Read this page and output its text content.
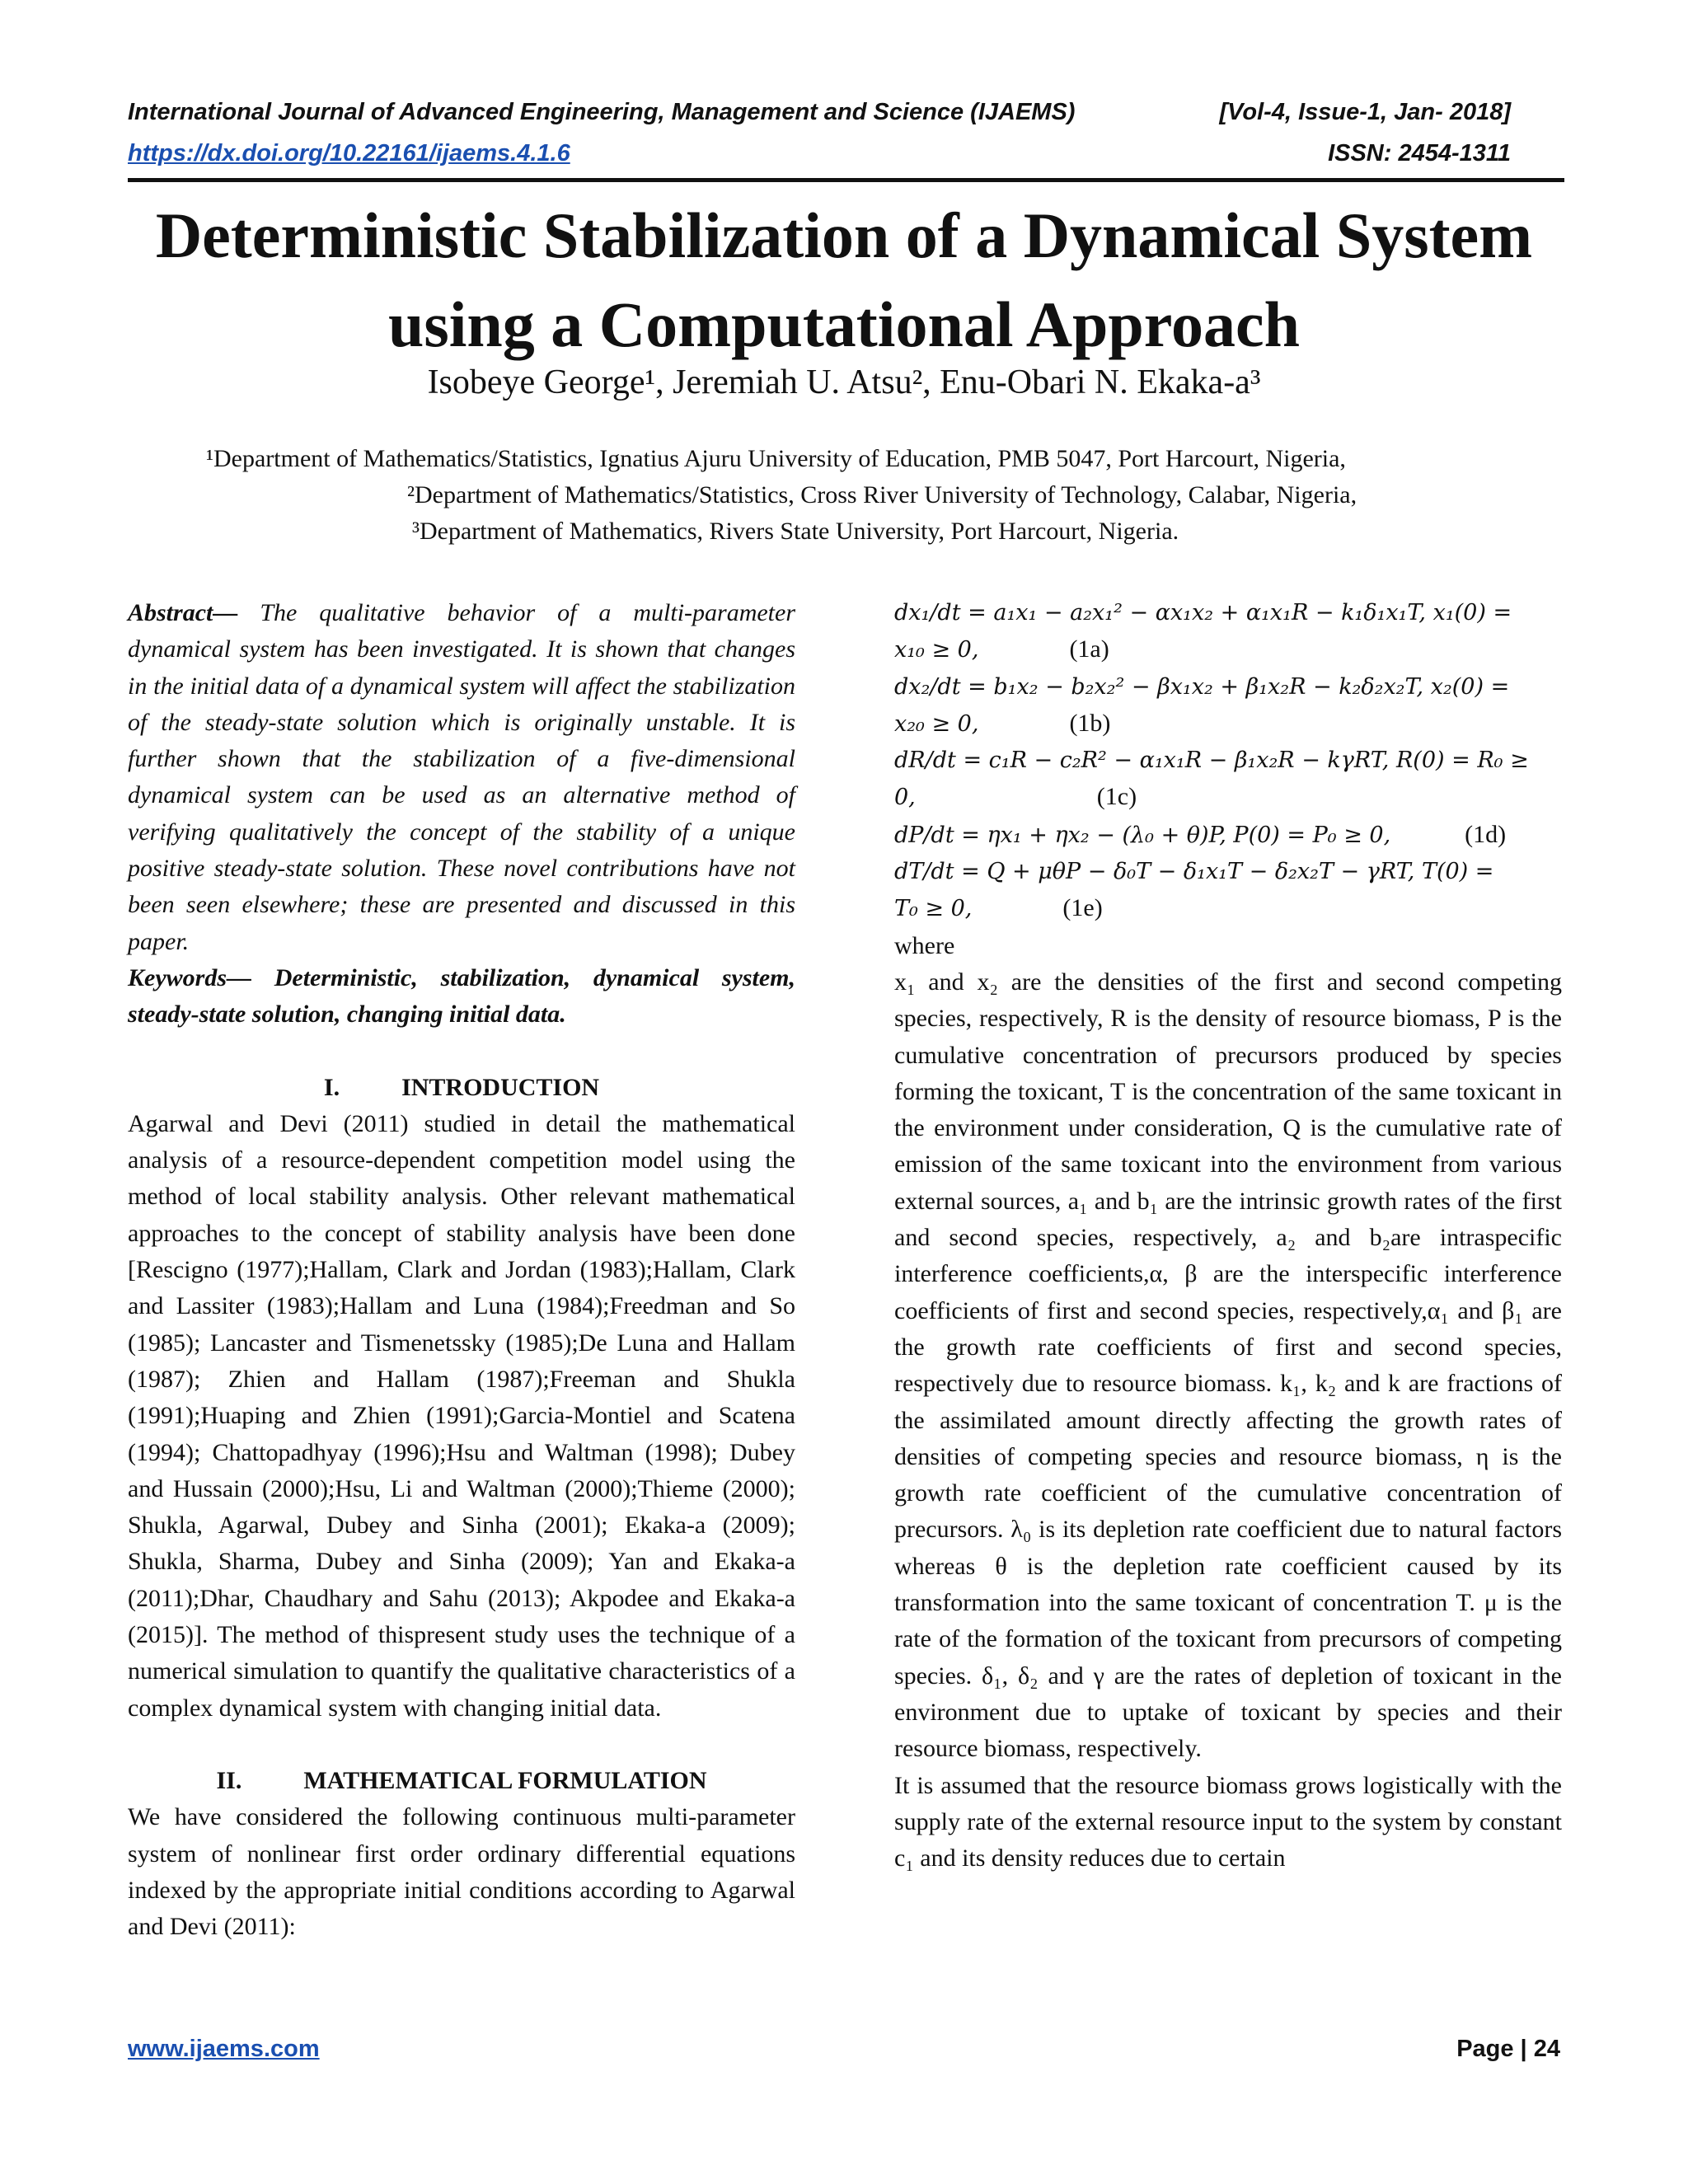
International Journal of Advanced Engineering, Management and Science (IJAEMS)	[Vol-4, Issue-1, Jan- 2018]
https://dx.doi.org/10.22161/ijaems.4.1.6	ISSN: 2454-1311
Deterministic Stabilization of a Dynamical System
using a Computational Approach
Isobeye George¹, Jeremiah U. Atsu², Enu-Obari N. Ekaka-a³
¹Department of Mathematics/Statistics, Ignatius Ajuru University of Education, PMB 5047, Port Harcourt, Nigeria,
²Department of Mathematics/Statistics, Cross River University of Technology, Calabar, Nigeria,
³Department of Mathematics, Rivers State University, Port Harcourt, Nigeria.

Abstract— The qualitative behavior of a multi-parameter dynamical system has been investigated. It is shown that changes in the initial data of a dynamical system will affect the stabilization of the steady-state solution which is originally unstable. It is further shown that the stabilization of a five-dimensional dynamical system can be used as an alternative method of verifying qualitatively the concept of the stability of a unique positive steady-state solution. These novel contributions have not been seen elsewhere; these are presented and discussed in this paper.

Keywords— Deterministic, stabilization, dynamical system, steady-state solution, changing initial data.

I.          INTRODUCTION

Agarwal and Devi (2011) studied in detail the mathematical analysis of a resource-dependent competition model using the method of local stability analysis. Other relevant mathematical approaches to the concept of stability analysis have been done [Rescigno (1977);Hallam, Clark and Jordan (1983);Hallam, Clark and Lassiter (1983);Hallam and Luna (1984);Freedman and So (1985); Lancaster and Tismenetsskу (1985);De Luna and Hallam (1987); Zhien and Hallam (1987);Freeman and Shukla (1991);Huaping and Zhien (1991);Garcia-Montiel and Scatena (1994); Chattopadhyay (1996);Hsu and Waltman (1998); Dubey and Hussain (2000);Hsu, Li and Waltman (2000);Thieme (2000); Shukla, Agarwal, Dubey and Sinha (2001); Ekaka-a (2009); Shukla, Sharma, Dubey and Sinha (2009); Yan and Ekaka-a (2011);Dhar, Chaudhary and Sahu (2013); Akpodee and Ekaka-a (2015)]. The method of thispresent study uses the technique of a numerical simulation to quantify the qualitative characteristics of a complex dynamical system with changing initial data.

II.          MATHEMATICAL FORMULATION

We have considered the following continuous multi-parameter system of nonlinear first order ordinary differential equations indexed by the appropriate initial conditions according to Agarwal and Devi (2011):

dx₁/dt = a₁x₁ − a₂x₁² − αx₁x₂ + α₁x₁R − k₁δ₁x₁T, x₁(0) =
x₁₀ ≥ 0,	(1a)
dx₂/dt = b₁x₂ − b₂x₂² − βx₁x₂ + β₁x₂R − k₂δ₂x₂T, x₂(0) =
x₂₀ ≥ 0,	(1b)
dR/dt = c₁R − c₂R² − α₁x₁R − β₁x₂R − kγRT, R(0) = R₀ ≥
0,	(1c)
dP/dt = ηx₁ + ηx₂ − (λ₀ + θ)P, P(0) = P₀ ≥ 0,	(1d)
dT/dt = Q + μθP − δ₀T − δ₁x₁T − δ₂x₂T − γRT, T(0) =
T₀ ≥ 0,	(1e)

where

x₁ and x₂ are the densities of the first and second competing species, respectively, R is the density of resource biomass, P is the cumulative concentration of precursors produced by species forming the toxicant, T is the concentration of the same toxicant in the environment under consideration, Q is the cumulative rate of emission of the same toxicant into the environment from various external sources, a₁ and b₁ are the intrinsic growth rates of the first and second species, respectively, a₂ and b₂are intraspecific interference coefficients,α, β are the interspecific interference coefficients of first and second species, respectively,α₁ and β₁ are the growth rate coefficients of first and second species, respectively due to resource biomass. k₁, k₂ and k are fractions of the assimilated amount directly affecting the growth rates of densities of competing species and resource biomass, η is the growth rate coefficient of the cumulative concentration of precursors. λ₀ is its depletion rate coefficient due to natural factors whereas θ is the depletion rate coefficient caused by its transformation into the same toxicant of concentration T. μ is the rate of the formation of the toxicant from precursors of competing species. δ₁, δ₂ and γ are the rates of depletion of toxicant in the environment due to uptake of toxicant by species and their resource biomass, respectively.

It is assumed that the resource biomass grows logistically with the supply rate of the external resource input to the system by constant c₁ and its density reduces due to certain

www.ijaems.com	Page | 24
